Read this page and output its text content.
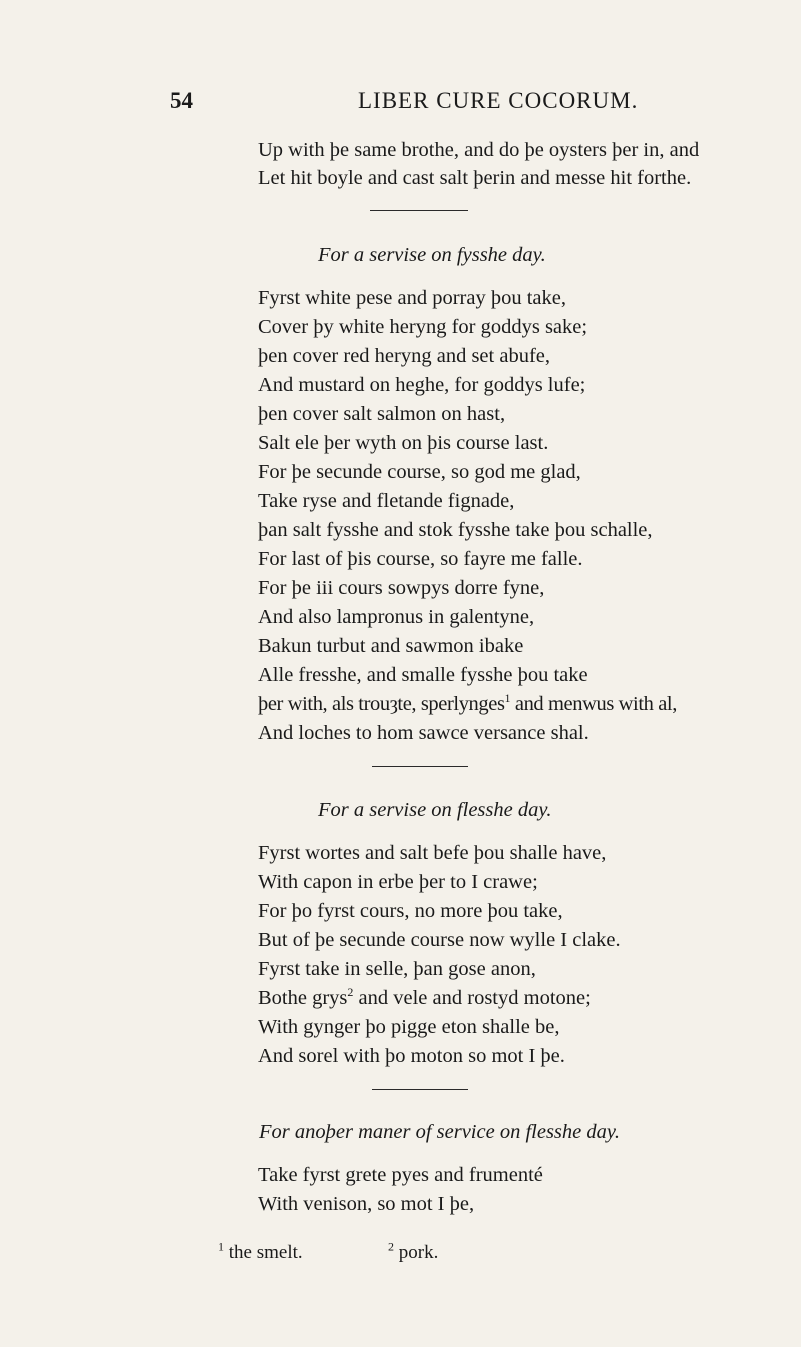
54	LIBER CURE COCORUM.
Up with þe same brothe, and do þe oysters þer in, and
Let hit boyle and cast salt þerin and messe hit forthe.
For a servise on fysshe day.
Fyrst white pese and porray þou take,
Cover þy white heryng for goddys sake;
þen cover red heryng and set abufe,
And mustard on heghe, for goddys lufe;
þen cover salt salmon on hast,
Salt ele þer wyth on þis course last.
For þe secunde course, so god me glad,
Take ryse and fletande fignade,
þan salt fysshe and stok fysshe take þou schalle,
For last of þis course, so fayre me falle.
For þe iii cours sowpys dorre fyne,
And also lampronus in galentyne,
Bakun turbut and sawmon ibake
Alle fresshe, and smalle fysshe þou take
þer with, als trouȝte, sperlynges$^1$ and menwus with al,
And loches to hom sawce versance shal.
For a servise on flesshe day.
Fyrst wortes and salt befe þou shalle have,
With capon in erbe þer to I crawe;
For þo fyrst cours, no more þou take,
But of þe secunde course now wylle I clake.
Fyrst take in selle, þan gose anon,
Bothe grys$^2$ and vele and rostyd motone;
With gynger þo pigge eton shalle be,
And sorel with þo moton so mot I þe.
For anoþer maner of service on flesshe day.
Take fyrst grete pyes and frumenté
With venison, so mot I þe,
$^1$ the smelt.	$^2$ pork.
